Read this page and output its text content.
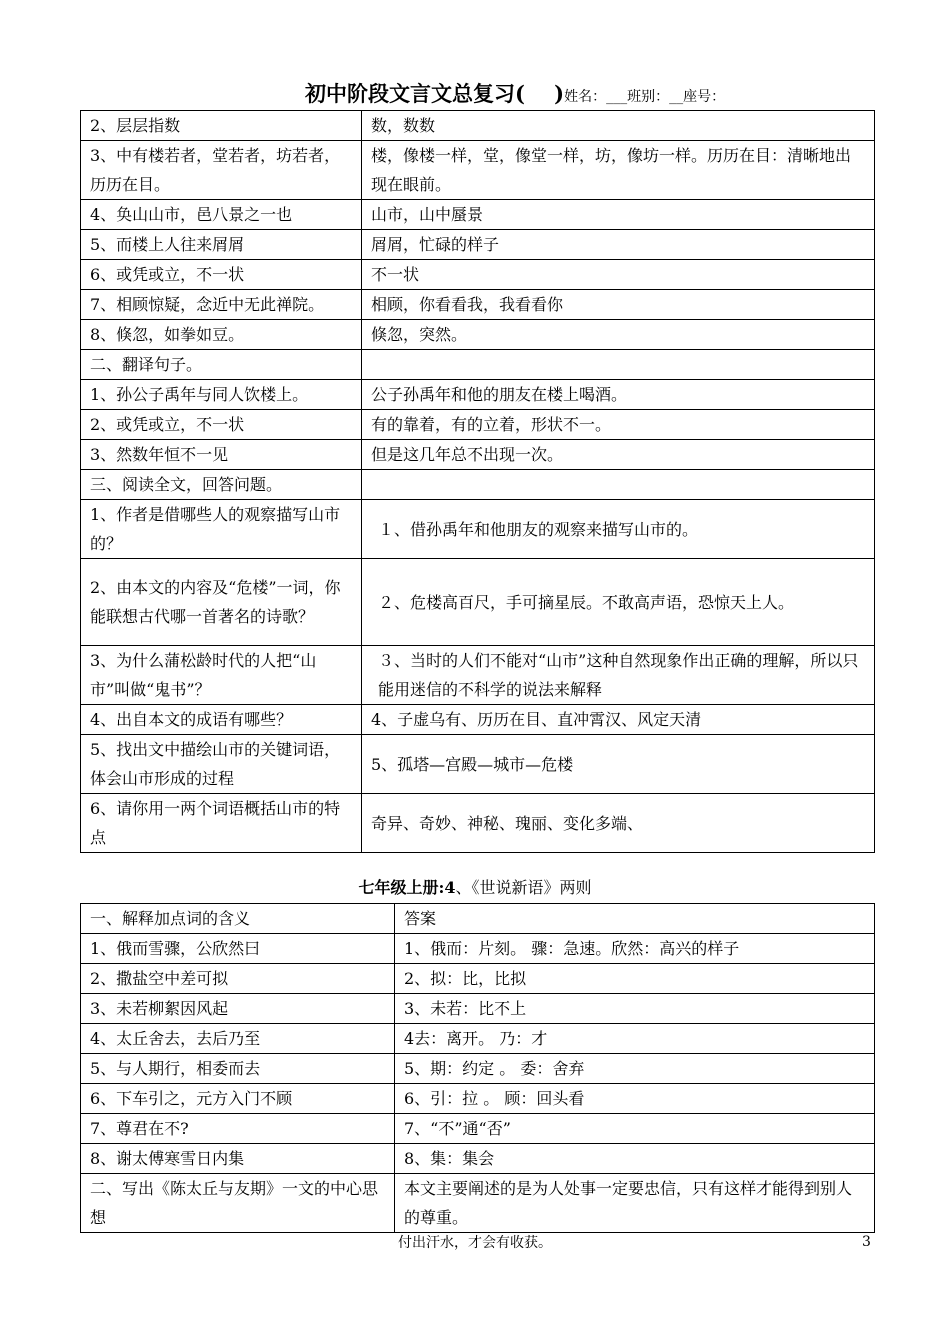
初中阶段文言文总复习(    )姓名：___班别：__座号：
2、层层指数	数，数数
3、中有楼若者，堂若者，坊若者，历历在目。	楼，像楼一样，堂，像堂一样，坊，像坊一样。历历在目：清晰地出现在眼前。
4、奂山山市，邑八景之一也	山市，山中蜃景
5、而楼上人往来屑屑	屑屑，忙碌的样子
6、或凭或立，不一状	不一状
7、相顾惊疑，念近中无此禅院。	相顾，你看看我，我看看你
8、倏忽，如拳如豆。	倏忽，突然。
二、翻译句子。	
1、孙公子禹年与同人饮楼上。	公子孙禹年和他的朋友在楼上喝酒。
2、或凭或立，不一状	有的靠着，有的立着，形状不一。
3、然数年恒不一见	但是这几年总不出现一次。
三、阅读全文，回答问题。	
1、作者是借哪些人的观察描写山市的？	１、借孙禹年和他朋友的观察来描写山市的。
2、由本文的内容及“危楼”一词，你能联想古代哪一首著名的诗歌？	２、危楼高百尺，手可摘星辰。不敢高声语，恐惊天上人。
3、为什么蒲松龄时代的人把“山市”叫做“鬼书”？	３、当时的人们不能对“山市”这种自然现象作出正确的理解，所以只能用迷信的不科学的说法来解释
4、出自本文的成语有哪些？	4、子虚乌有、历历在目、直冲霄汉、风定天清
5、找出文中描绘山市的关键词语，体会山市形成的过程	5、孤塔—宫殿—城市—危楼
6、请你用一两个词语概括山市的特点	奇异、奇妙、神秘、瑰丽、变化多端、
七年级上册:4、《世说新语》两则
一、解释加点词的含义	答案
1、俄而雪骤，公欣然曰	1、俄而：片刻。 骤：急速。欣然：高兴的样子
2、撒盐空中差可拟	2、拟：比，比拟
3、未若柳絮因风起	3、未若：比不上
4、太丘舍去，去后乃至	4去：离开。 乃：才
5、与人期行，相委而去	5、期：约定 。 委：舍弃
6、下车引之，元方入门不顾	6、引：拉 。 顾：回头看
7、尊君在不?	7、“不”通“否”
8、谢太傅寒雪日内集	8、集：集会
二、写出《陈太丘与友期》一文的中心思想	本文主要阐述的是为人处事一定要忠信，只有这样才能得到别人的尊重。
付出汗水，才会有收获。	3
